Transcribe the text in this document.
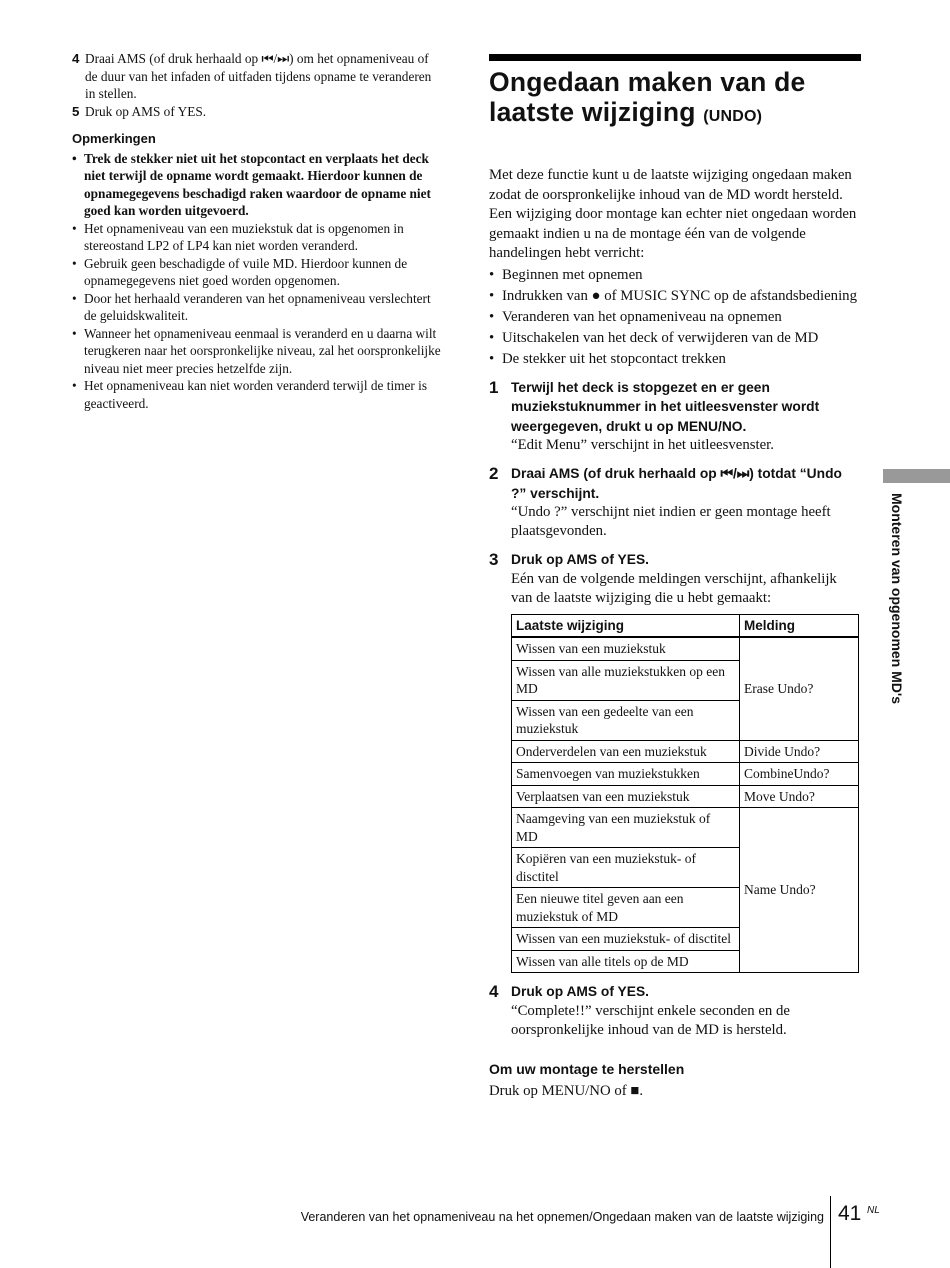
4 Draai AMS (of druk herhaald op ⏮/⏭) om het opnameniveau of de duur van het infaden of uitfaden tijdens opname te veranderen in stellen.
5 Druk op AMS of YES.
Opmerkingen
• Trek de stekker niet uit het stopcontact en verplaats het deck niet terwijl de opname wordt gemaakt. Hierdoor kunnen de opnamegegevens beschadigd raken waardoor de opname niet goed kan worden uitgevoerd.
• Het opnameniveau van een muziekstuk dat is opgenomen in stereostand LP2 of LP4 kan niet worden veranderd.
• Gebruik geen beschadigde of vuile MD. Hierdoor kunnen de opnamegegevens niet goed worden opgenomen.
• Door het herhaald veranderen van het opnameniveau verslechtert de geluidskwaliteit.
• Wanneer het opnameniveau eenmaal is veranderd en u daarna wilt terugkeren naar het oorspronkelijke niveau, zal het oorspronkelijke niveau niet meer precies hetzelfde zijn.
• Het opnameniveau kan niet worden veranderd terwijl de timer is geactiveerd.
Ongedaan maken van de laatste wijziging (UNDO)
Met deze functie kunt u de laatste wijziging ongedaan maken zodat de oorspronkelijke inhoud van de MD wordt hersteld. Een wijziging door montage kan echter niet ongedaan worden gemaakt indien u na de montage één van de volgende handelingen hebt verricht:
• Beginnen met opnemen
• Indrukken van ● of MUSIC SYNC op de afstandsbediening
• Veranderen van het opnameniveau na opnemen
• Uitschakelen van het deck of verwijderen van de MD
• De stekker uit het stopcontact trekken
1 Terwijl het deck is stopgezet en er geen muziekstuknummer in het uitleesvenster wordt weergegeven, drukt u op MENU/NO.
“Edit Menu” verschijnt in het uitleesvenster.
2 Draai AMS (of druk herhaald op ⏮/⏭) totdat “Undo ?” verschijnt.
“Undo ?” verschijnt niet indien er geen montage heeft plaatsgevonden.
3 Druk op AMS of YES.
Eén van de volgende meldingen verschijnt, afhankelijk van de laatste wijziging die u hebt gemaakt:
Laatste wijziging	Melding
Wissen van een muziekstuk	Erase Undo?
Wissen van alle muziekstukken op een MD	
Wissen van een gedeelte van een muziekstuk	
Onderverdelen van een muziekstuk	Divide Undo?
Samenvoegen van muziekstukken	CombineUndo?
Verplaatsen van een muziekstuk	Move Undo?
Naamgeving van een muziekstuk of MD	Name Undo?
Kopiëren van een muziekstuk- of disctitel	
Een nieuwe titel geven aan een muziekstuk of MD	
Wissen van een muziekstuk- of disctitel	
Wissen van alle titels op de MD	
4 Druk op AMS of YES.
“Complete!!” verschijnt enkele seconden en de oorspronkelijke inhoud van de MD is hersteld.
Om uw montage te herstellen
Druk op MENU/NO of ■.
Monteren van opgenomen MD's
Veranderen van het opnameniveau na het opnemen/Ongedaan maken van de laatste wijziging 41 NL
